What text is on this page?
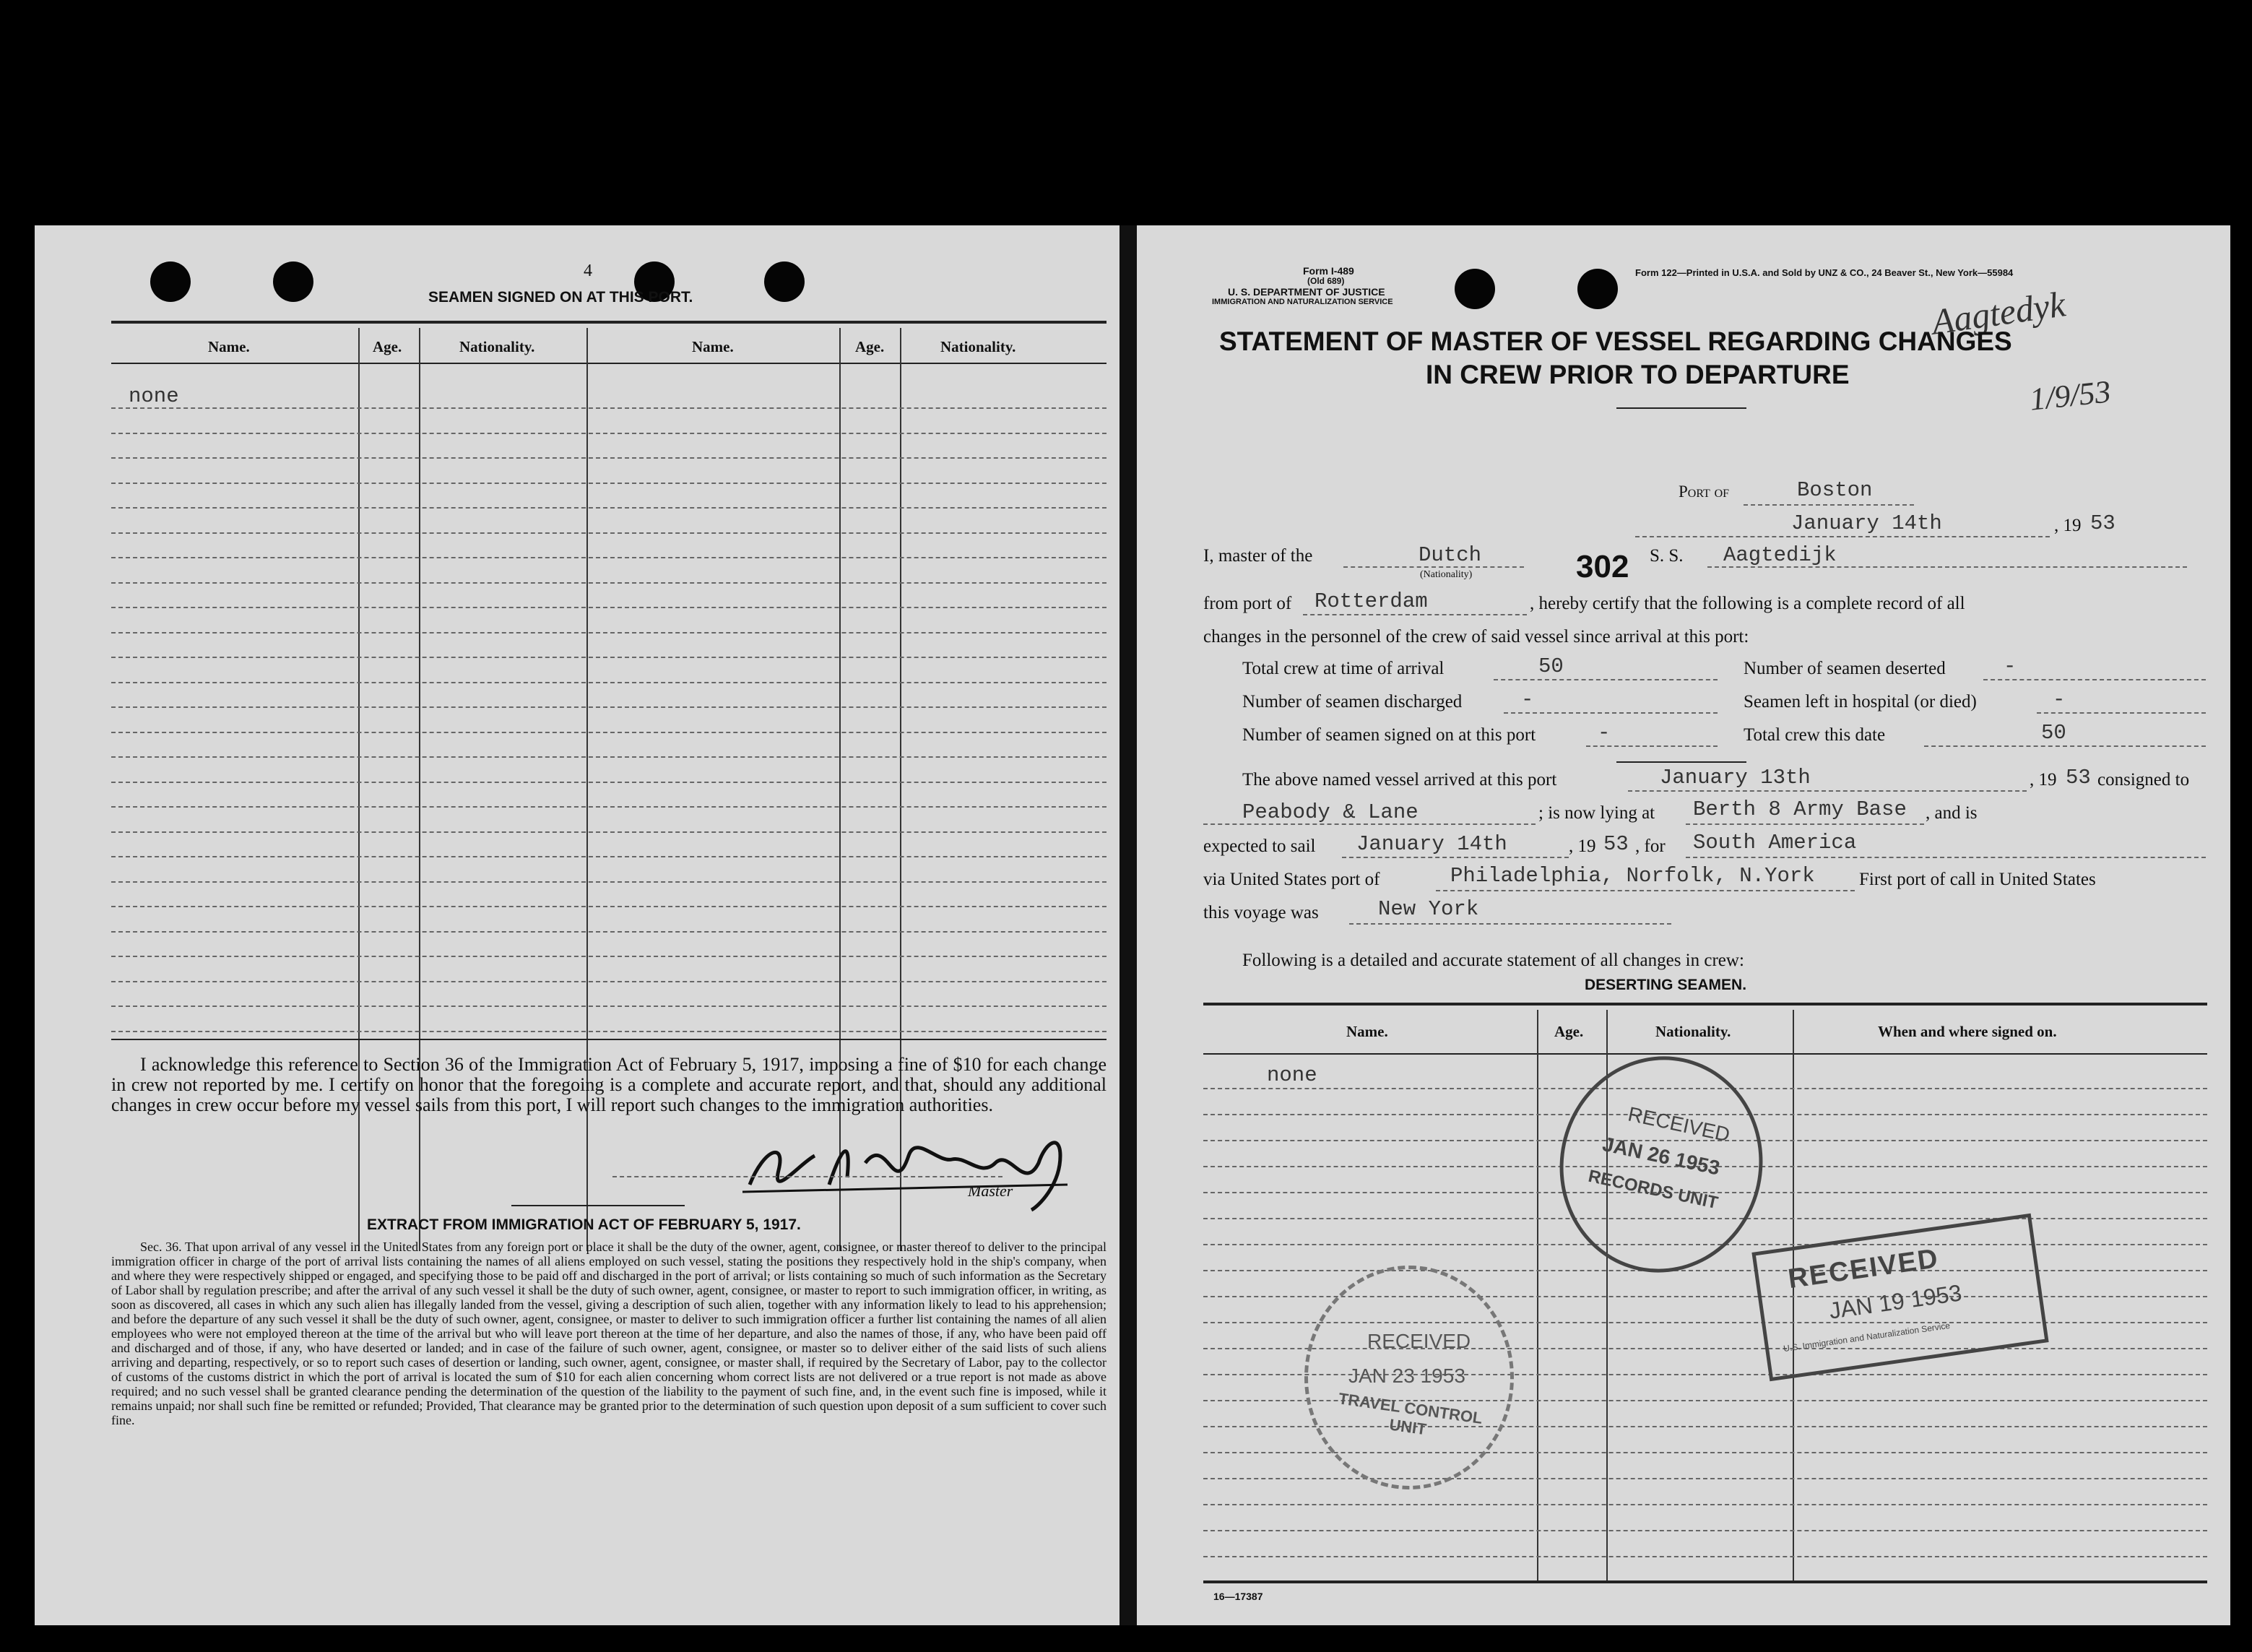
4
SEAMEN SIGNED ON AT THIS PORT.
Name.	Age.	Nationality.	Name.	Age.	Nationality.
none
I acknowledge this reference to Section 36 of the Immigration Act of February 5, 1917, imposing a fine of $10 for each change in crew not reported by me. I certify on honor that the foregoing is a complete and accurate report, and that, should any additional changes in crew occur before my vessel sails from this port, I will report such changes to the immigration authorities.
Master
EXTRACT FROM IMMIGRATION ACT OF FEBRUARY 5, 1917.
Sec. 36. That upon arrival of any vessel in the United States from any foreign port or place it shall be the duty of the owner, agent, consignee, or master thereof to deliver to the principal immigration officer in charge of the port of arrival lists containing the names of all aliens employed on such vessel, stating the positions they respectively hold in the ship's company, when and where they were respectively shipped or engaged, and specifying those to be paid off and discharged in the port of arrival; or lists containing so much of such information as the Secretary of Labor shall by regulation prescribe; and after the arrival of any such vessel it shall be the duty of such owner, agent, consignee, or master to report to such immigration officer, in writing, as soon as discovered, all cases in which any such alien has illegally landed from the vessel, giving a description of such alien, together with any information likely to lead to his apprehension; and before the departure of any such vessel it shall be the duty of such owner, agent, consignee, or master to deliver to such immigration officer a further list containing the names of all alien employees who were not employed thereon at the time of the arrival but who will leave port thereon at the time of her departure, and also the names of those, if any, who have been paid off and discharged and of those, if any, who have deserted or landed; and in case of the failure of such owner, agent, consignee, or master so to deliver either of the said lists of such aliens arriving and departing, respectively, or so to report such cases of desertion or landing, such owner, agent, consignee, or master shall, if required by the Secretary of Labor, pay to the collector of customs of the customs district in which the port of arrival is located the sum of $10 for each alien concerning whom correct lists are not delivered or a true report is not made as above required; and no such vessel shall be granted clearance pending the determination of the question of the liability to the payment of such fine, and, in the event such fine is imposed, while it remains unpaid; nor shall such fine be remitted or refunded; Provided, That clearance may be granted prior to the determination of such question upon deposit of a sum sufficient to cover such fine.
Form I-489
(Old 689)
U. S. DEPARTMENT OF JUSTICE
IMMIGRATION AND NATURALIZATION SERVICE
Form 122—Printed in U.S.A. and Sold by UNZ & CO., 24 Beaver St., New York—55984
Aagtedyk
1/9/53
STATEMENT OF MASTER OF VESSEL REGARDING CHANGES
IN CREW PRIOR TO DEPARTURE
Port of	Boston
January 14th	, 19 53
I, master of the	Dutch
(Nationality)	302 S. S. Aagtedijk
from port of Rotterdam	, hereby certify that the following is a complete record of all
changes in the personnel of the crew of said vessel since arrival at this port:
Total crew at time of arrival	50	Number of seamen deserted	-
Number of seamen discharged	-	Seamen left in hospital (or died)	-
Number of seamen signed on at this port	-	Total crew this date	50
The above named vessel arrived at this port	January 13th	, 19 53 consigned to
Peabody & Lane	; is now lying at Berth 8 Army Base , and is
expected to sail January 14th	, 19 53 , for South America
via United States port of	Philadelphia, Norfolk, N.York First port of call in United States
this voyage was	New York
Following is a detailed and accurate statement of all changes in crew:
DESERTING SEAMEN.
Name.	Age.	Nationality.	When and where signed on.
none
16—17387
RECEIVED
JAN 26 1953
RECORDS UNIT
RECEIVED
JAN 19 1953
U.S. Immigration and Naturalization Service
RECEIVED
JAN 23 1953
TRAVEL CONTROL UNIT
